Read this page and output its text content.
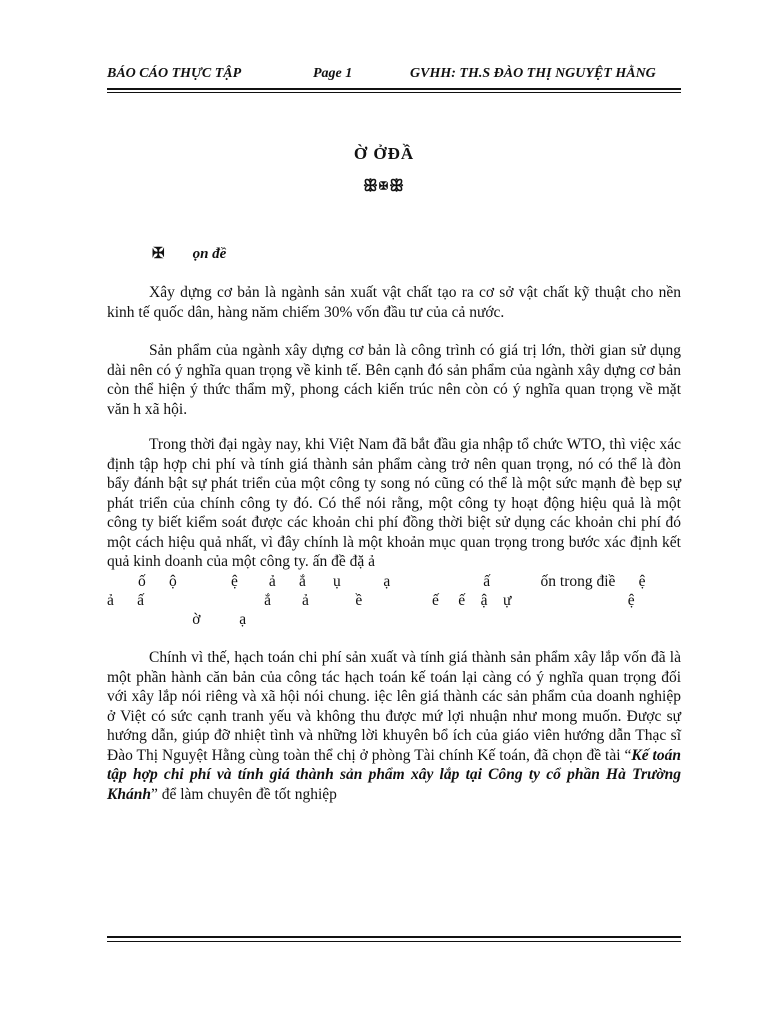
BÁO CÁO THỰC TẬP	Page 1	GVHH: TH.S ĐÀO THỊ NGUYỆT HẰNG
Ờ ỞĐẦ
ꕥ✠ꕥ
✠ ọn đề

Xây dựng cơ bản là ngành sản xuất vật chất tạo ra cơ sở vật chất kỹ thuật cho nền kinh tế quốc dân, hàng năm chiếm 30% vốn đầu tư của cả nước.

Sản phẩm của ngành xây dựng cơ bản là công trình có giá trị lớn, thời gian sử dụng dài nên có ý nghĩa quan trọng về kinh tế. Bên cạnh đó sản phẩm của ngành xây dựng cơ bản còn thể hiện ý thức thẩm mỹ, phong cách kiến trúc nên còn có ý nghĩa quan trọng về mặt văn h xã hội.

Trong thời đại ngày nay, khi Việt Nam đã bắt đầu gia nhập tổ chức WTO, thì việc xác định tập hợp chi phí và tính giá thành sản phẩm càng trở nên quan trọng, nó có thể là đòn bẩy đánh bật sự phát triển của một công ty song nó cũng có thể là một sức mạnh đè bẹp sự phát triển của chính công ty đó. Có thể nói rằng, một công ty hoạt động hiệu quả là một công ty biết kiểm soát được các khoản chi phí đồng thời biệt sử dụng các khoản chi phí đó một cách hiệu quả nhất, vì đây chính là một khoản mục quan trọng trong bước xác định kết quả kinh doanh của một công ty. ấn đề đặ ả

ố      ộ              ệ        ả      ắ       ụ           ạ                        ấ             ốn trong điề      ệ

ả      ấ                               ắ        ả            ề                  ế     ế    ậ    ự                              ệ

ờ          ạ

Chính vì thế, hạch toán chi phí sản xuất và tính giá thành sản phẩm xây lắp vốn đã là một phần hành căn bản của công tác hạch toán kế toán lại càng có ý nghĩa quan trọng đối với xây lắp nói riêng và xã hội nói chung. iệc lên giá thành các sản phẩm của doanh nghiệp ở Việt có sức cạnh tranh yếu và không thu được mứ lợi nhuận như mong muốn. Được sự hướng dẫn, giúp đỡ nhiệt tình và những lời khuyên bổ ích của giáo viên hướng dẫn Thạc sĩ Đào Thị Nguyệt Hằng cùng toàn thể chị ở phòng Tài chính Kế toán, đã chọn đề tài “Kế toán tập hợp chi phí và tính giá thành sản phẩm xây lắp tại Công ty cổ phần Hà Trường Khánh” để làm chuyên đề tốt nghiệp
